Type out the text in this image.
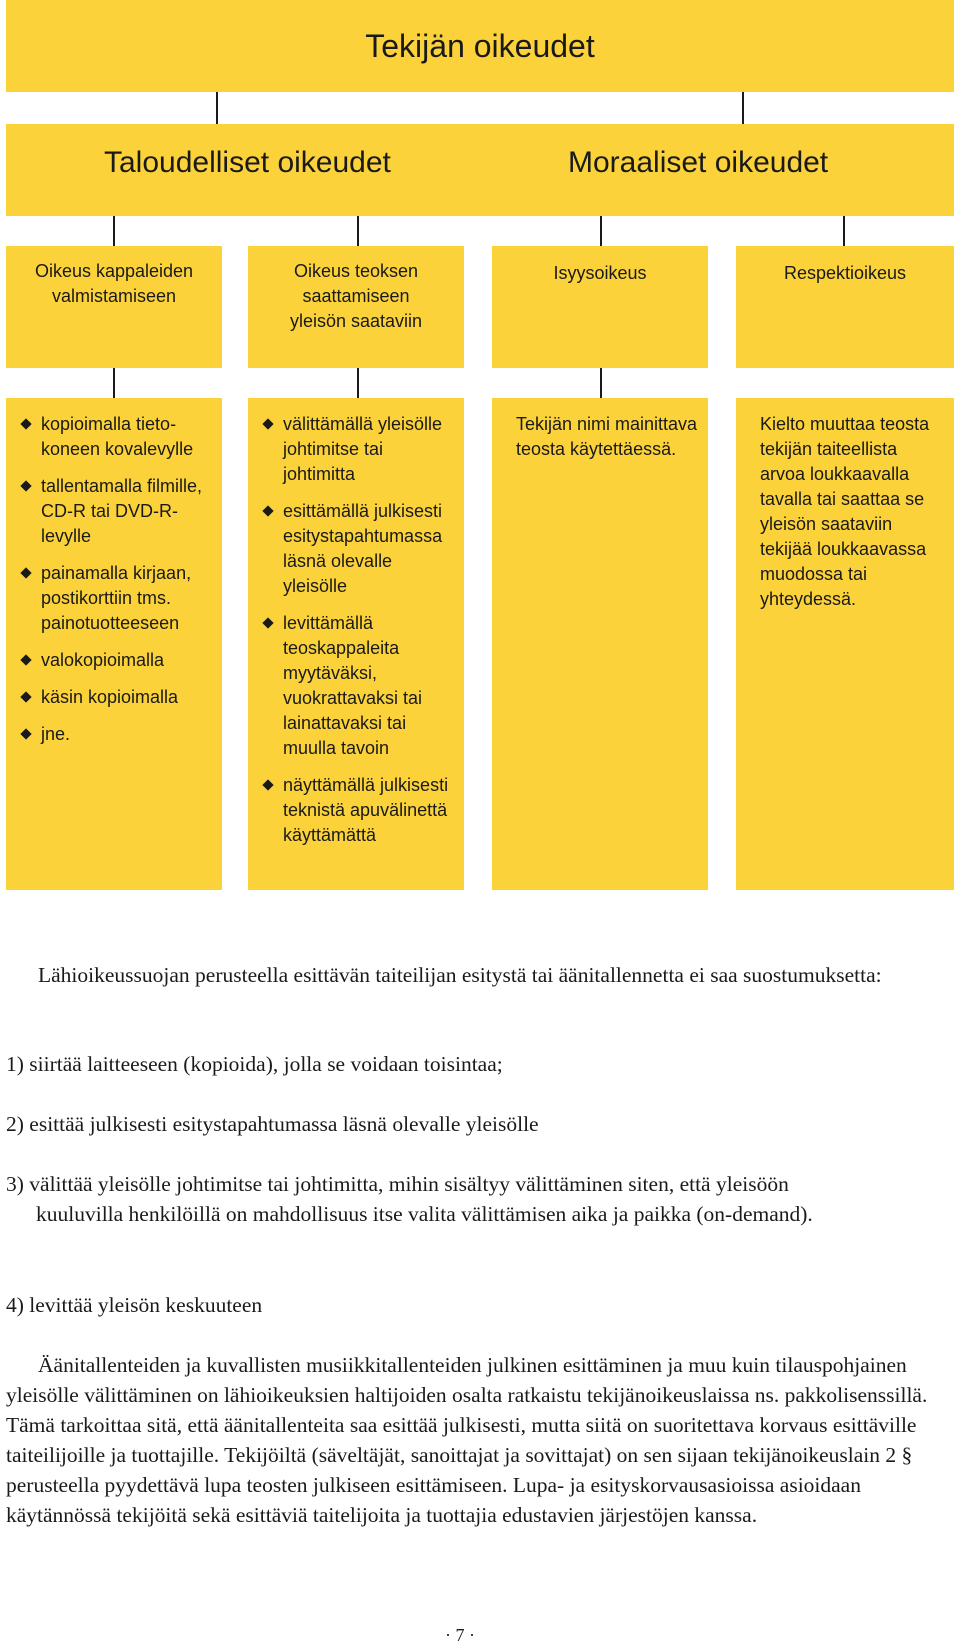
Tekijän oikeudet
Taloudelliset oikeudet	Moraaliset oikeudet
Oikeus kappaleiden valmistamiseen
Oikeus teoksen saattamiseen yleisön saataviin
Isyysoikeus	Respektioikeus
kopioimalla tieto-koneen kovalevylle
tallentamalla filmille, CD-R tai DVD-R-levylle
painamalla kirjaan, postikorttiin tms. painotuotteeseen
valokopioimalla
käsin kopioimalla
jne.
välittämällä yleisölle johtimitse tai johtimitta
esittämällä julkisesti esitystapahtumassa läsnä olevalle yleisölle
levittämällä teoskappaleita myytäväksi, vuokrattavaksi tai lainattavaksi tai muulla tavoin
näyttämällä julkisesti teknistä apuvälinettä käyttämättä
Tekijän nimi mainittava teosta käytettäessä.
Kielto muuttaa teosta tekijän taiteellista arvoa loukkaavalla tavalla tai saattaa se yleisön saataviin tekijää loukkaavassa muodossa tai yhteydessä.

Lähioikeussuojan perusteella esittävän taiteilijan esitystä tai äänitallennetta ei saa suostumuksetta:

1) siirtää laitteeseen (kopioida), jolla se voidaan toisintaa;

2) esittää julkisesti esitystapahtumassa läsnä olevalle yleisölle

3) välittää yleisölle johtimitse tai johtimitta, mihin sisältyy välittäminen siten, että yleisöön kuuluvilla henkilöillä on mahdollisuus itse valita välittämisen aika ja paikka (on-demand).

4) levittää yleisön keskuuteen

Äänitallenteiden ja kuvallisten musiikkitallenteiden julkinen esittäminen ja muu kuin tilauspohjainen yleisölle välittäminen on lähioikeuksien haltijoiden osalta ratkaistu tekijänoikeuslaissa ns. pakkolisenssillä. Tämä tarkoittaa sitä, että äänitallenteita saa esittää julkisesti, mutta siitä on suoritettava korvaus esittäville taiteilijoille ja tuottajille. Tekijöiltä (säveltäjät, sanoittajat ja sovittajat) on sen sijaan tekijänoikeuslain 2 § perusteella pyydettävä lupa teosten julkiseen esittämiseen. Lupa- ja esityskorvausasioissa asioidaan käytännössä tekijöitä sekä esittäviä taitelijoita ja tuottajia edustavien järjestöjen kanssa.

· 7 ·
